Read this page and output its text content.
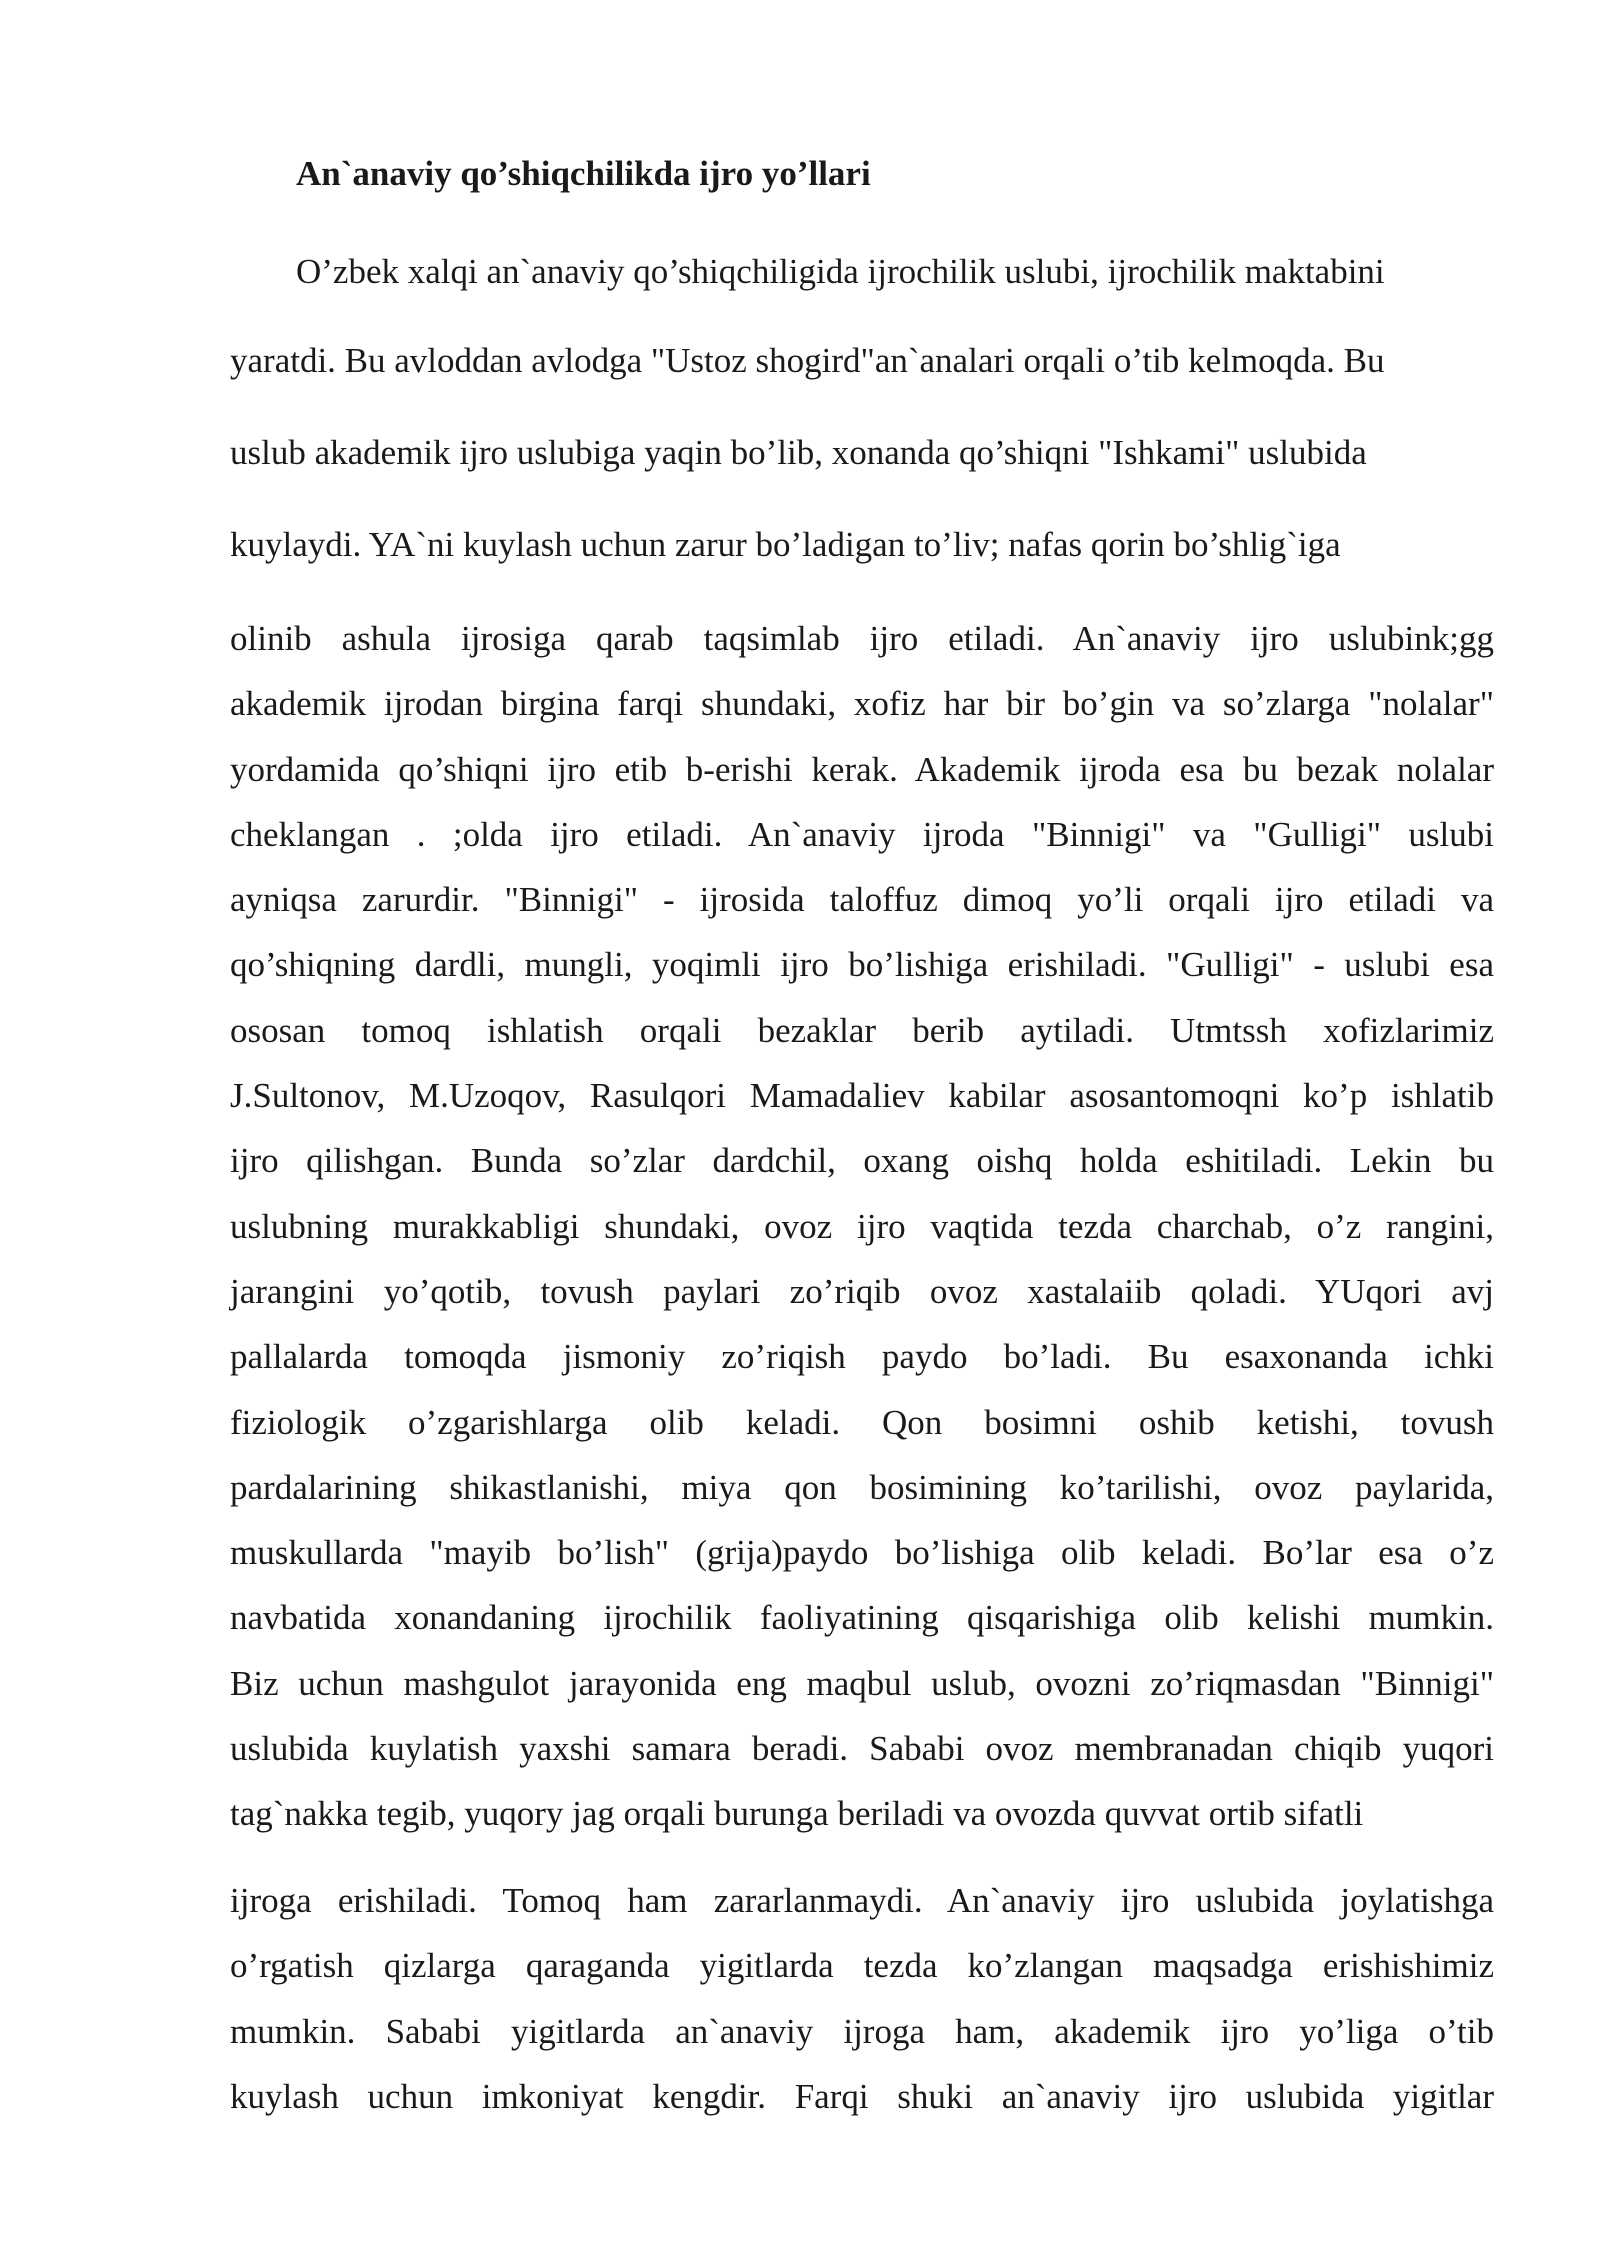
An`anaviy qo’shiqchilikda ijro yo’llari
O’zbek xalqi an`anaviy qo’shiqchiligida ijrochilik uslubi, ijrochilik maktabini
yaratdi. Bu avloddan avlodga "Ustoz shogird"an`analari orqali o’tib kelmoqda. Bu
uslub akademik ijro uslubiga yaqin bo’lib, xonanda qo’shiqni "Ishkami" uslubida
kuylaydi. YA`ni kuylash uchun zarur bo’ladigan to’liv; nafas qorin bo’shlig`iga
olinib ashula ijrosiga qarab taqsimlab ijro etiladi. An`anaviy ijro uslubink;gg
akademik ijrodan birgina farqi shundaki, xofiz har bir bo’gin va so’zlarga "nolalar"
yordamida qo’shiqni ijro etib b-erishi kerak. Akademik ijroda esa bu bezak nolalar
cheklangan . ;olda ijro etiladi. An`anaviy ijroda "Binnigi" va "Gulligi" uslubi
ayniqsa zarurdir. "Binnigi" - ijrosida taloffuz dimoq yo’li orqali ijro etiladi va
qo’shiqning dardli, mungli, yoqimli ijro bo’lishiga erishiladi. "Gulligi" - uslubi esa
ososan tomoq ishlatish orqali bezaklar berib aytiladi. Utmtssh xofizlarimiz
J.Sultonov, M.Uzoqov, Rasulqori Mamadaliev kabilar asosantomoqni ko’p ishlatib
ijro qilishgan. Bunda so’zlar dardchil, oxang oishq holda eshitiladi. Lekin bu
uslubning murakkabligi shundaki, ovoz ijro vaqtida tezda charchab, o’z rangini,
jarangini yo’qotib, tovush paylari zo’riqib ovoz xastalaiib qoladi. YUqori avj
pallalarda tomoqda jismoniy zo’riqish paydo bo’ladi. Bu esaxonanda ichki
fiziologik o’zgarishlarga olib keladi. Qon bosimni oshib ketishi, tovush
pardalarining shikastlanishi, miya qon bosimining ko’tarilishi, ovoz paylarida,
muskullarda "mayib bo’lish" (grija)paydo bo’lishiga olib keladi. Bo’lar esa o’z
navbatida xonandaning ijrochilik faoliyatining qisqarishiga olib kelishi mumkin.
Biz uchun mashgulot jarayonida eng maqbul uslub, ovozni zo’riqmasdan "Binnigi"
uslubida kuylatish yaxshi samara beradi. Sababi ovoz membranadan chiqib yuqori
tag`nakka tegib, yuqory jag orqali burunga beriladi va ovozda quvvat ortib sifatli
ijroga erishiladi. Tomoq ham zararlanmaydi. An`anaviy ijro uslubida joylatishga
o’rgatish qizlarga qaraganda yigitlarda tezda ko’zlangan maqsadga erishishimiz
mumkin. Sababi yigitlarda an`anaviy ijroga ham, akademik ijro yo’liga o’tib
kuylash uchun imkoniyat kengdir. Farqi shuki an`anaviy ijro uslubida yigitlar
